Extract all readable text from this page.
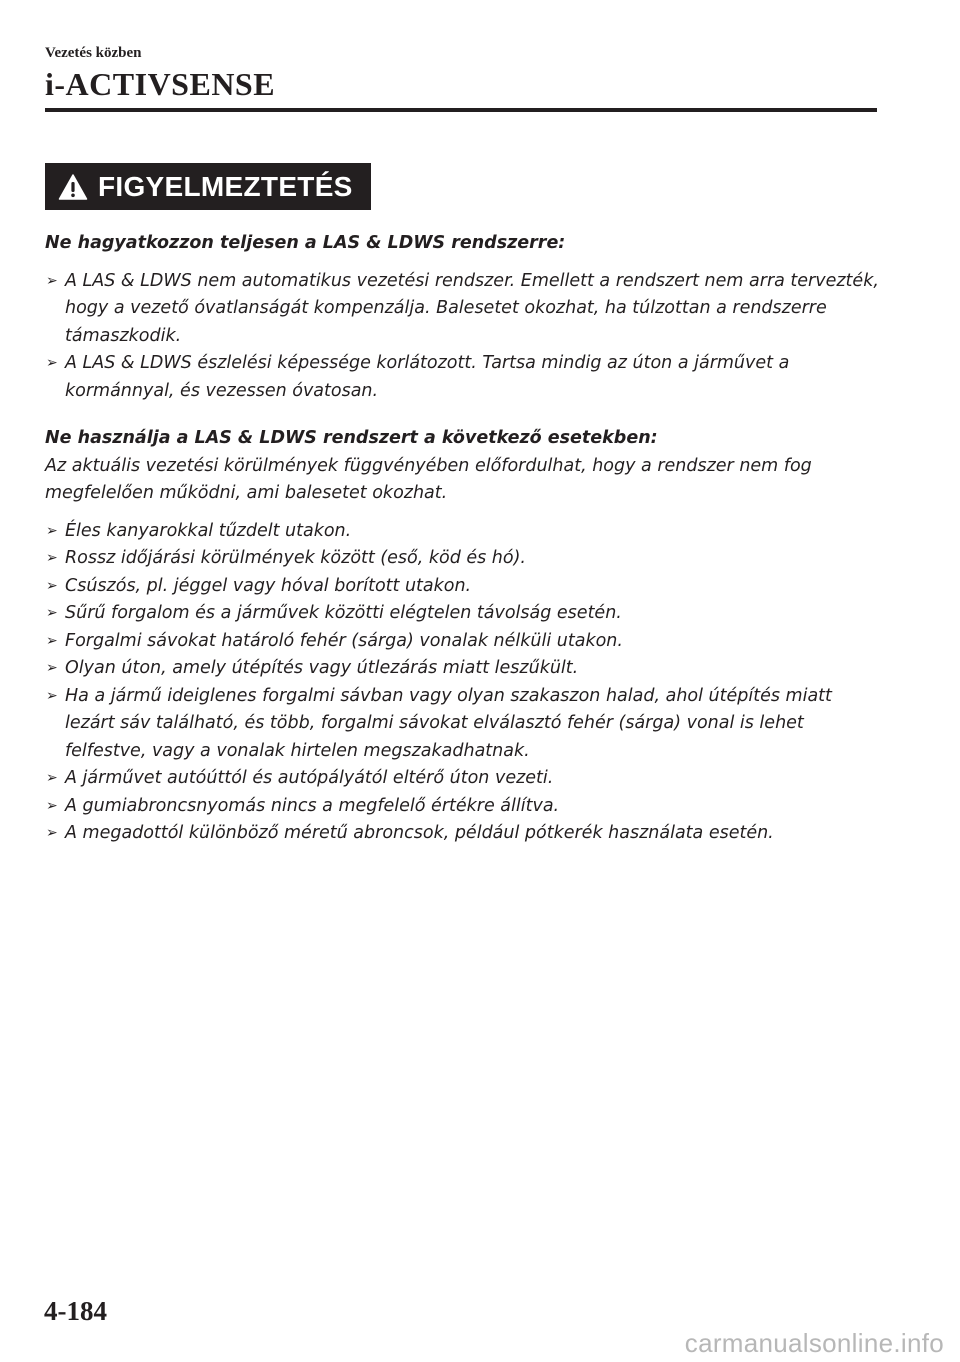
Vezetés közben

i-ACTIVSENSE

FIGYELMEZTETÉS

Ne hagyatkozzon teljesen a LAS & LDWS rendszerre:

➢ A LAS & LDWS nem automatikus vezetési rendszer. Emellett a rendszert nem arra tervezték, hogy a vezető óvatlanságát kompenzálja. Balesetet okozhat, ha túlzottan a rendszerre támaszkodik.
➢ A LAS & LDWS észlelési képessége korlátozott. Tartsa mindig az úton a járművet a kormánnyal, és vezessen óvatosan.

Ne használja a LAS & LDWS rendszert a következő esetekben:

Az aktuális vezetési körülmények függvényében előfordulhat, hogy a rendszer nem fog megfelelően működni, ami balesetet okozhat.

➢ Éles kanyarokkal tűzdelt utakon.
➢ Rossz időjárási körülmények között (eső, köd és hó).
➢ Csúszós, pl. jéggel vagy hóval borított utakon.
➢ Sűrű forgalom és a járművek közötti elégtelen távolság esetén.
➢ Forgalmi sávokat határoló fehér (sárga) vonalak nélküli utakon.
➢ Olyan úton, amely útépítés vagy útlezárás miatt leszűkült.
➢ Ha a jármű ideiglenes forgalmi sávban vagy olyan szakaszon halad, ahol útépítés miatt lezárt sáv található, és több, forgalmi sávokat elválasztó fehér (sárga) vonal is lehet felfestve, vagy a vonalak hirtelen megszakadhatnak.
➢ A járművet autóúttól és autópályától eltérő úton vezeti.
➢ A gumiabroncsnyomás nincs a megfelelő értékre állítva.
➢ A megadottól különböző méretű abroncsok, például pótkerék használata esetén.
4-184
carmanualsonline.info
